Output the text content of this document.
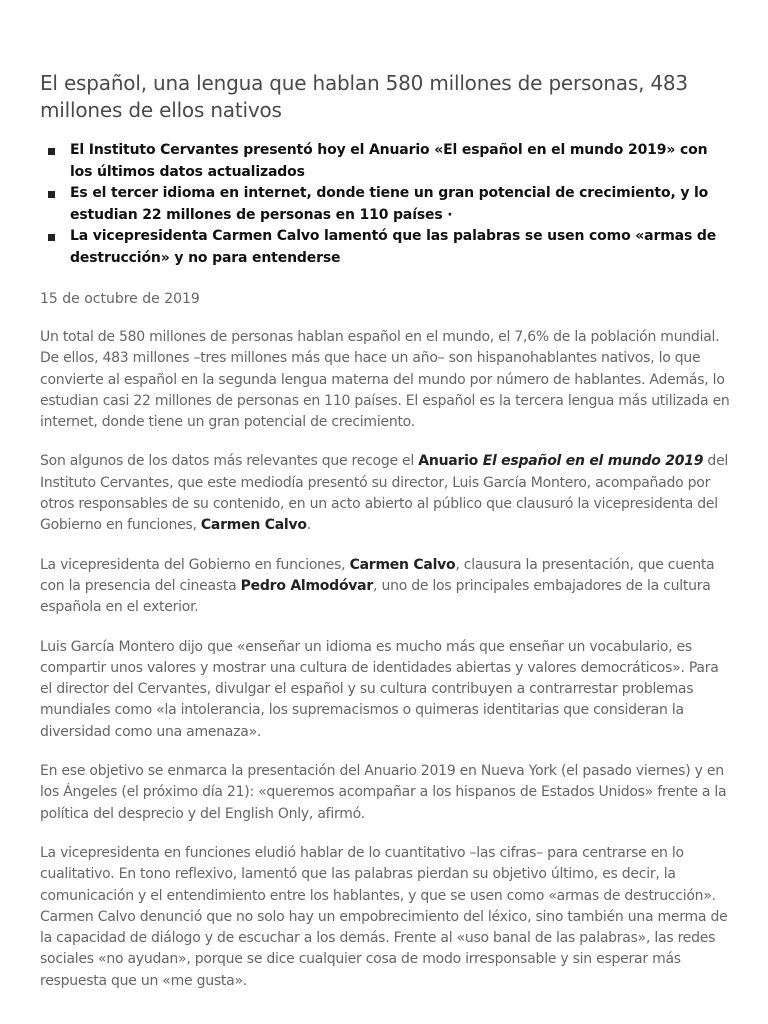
El español, una lengua que hablan 580 millones de personas, 483 millones de ellos nativos
El Instituto Cervantes presentó hoy el Anuario «El español en el mundo 2019» con los últimos datos actualizados
Es el tercer idioma en internet, donde tiene un gran potencial de crecimiento, y lo estudian 22 millones de personas en 110 países ·
La vicepresidenta Carmen Calvo lamentó que las palabras se usen como «armas de destrucción» y no para entenderse

15 de octubre de 2019

Un total de 580 millones de personas hablan español en el mundo, el 7,6% de la población mundial. De ellos, 483 millones –tres millones más que hace un año– son hispanohablantes nativos, lo que convierte al español en la segunda lengua materna del mundo por número de hablantes. Además, lo estudian casi 22 millones de personas en 110 países. El español es la tercera lengua más utilizada en internet, donde tiene un gran potencial de crecimiento.

Son algunos de los datos más relevantes que recoge el Anuario El español en el mundo 2019 del Instituto Cervantes, que este mediodía presentó su director, Luis García Montero, acompañado por otros responsables de su contenido, en un acto abierto al público que clausuró la vicepresidenta del Gobierno en funciones, Carmen Calvo.

La vicepresidenta del Gobierno en funciones, Carmen Calvo, clausura la presentación, que cuenta con la presencia del cineasta Pedro Almodóvar, uno de los principales embajadores de la cultura española en el exterior.

Luis García Montero dijo que «enseñar un idioma es mucho más que enseñar un vocabulario, es compartir unos valores y mostrar una cultura de identidades abiertas y valores democráticos». Para el director del Cervantes, divulgar el español y su cultura contribuyen a contrarrestar problemas mundiales como «la intolerancia, los supremacismos o quimeras identitarias que consideran la diversidad como una amenaza».

En ese objetivo se enmarca la presentación del Anuario 2019 en Nueva York (el pasado viernes) y en los Ángeles (el próximo día 21): «queremos acompañar a los hispanos de Estados Unidos» frente a la política del desprecio y del English Only, afirmó.

La vicepresidenta en funciones eludió hablar de lo cuantitativo –las cifras– para centrarse en lo cualitativo. En tono reflexivo, lamentó que las palabras pierdan su objetivo último, es decir, la comunicación y el entendimiento entre los hablantes, y que se usen como «armas de destrucción». Carmen Calvo denunció que no solo hay un empobrecimiento del léxico, sino también una merma de la capacidad de diálogo y de escuchar a los demás. Frente al «uso banal de las palabras», las redes sociales «no ayudan», porque se dice cualquier cosa de modo irresponsable y sin esperar más respuesta que un «me gusta».
